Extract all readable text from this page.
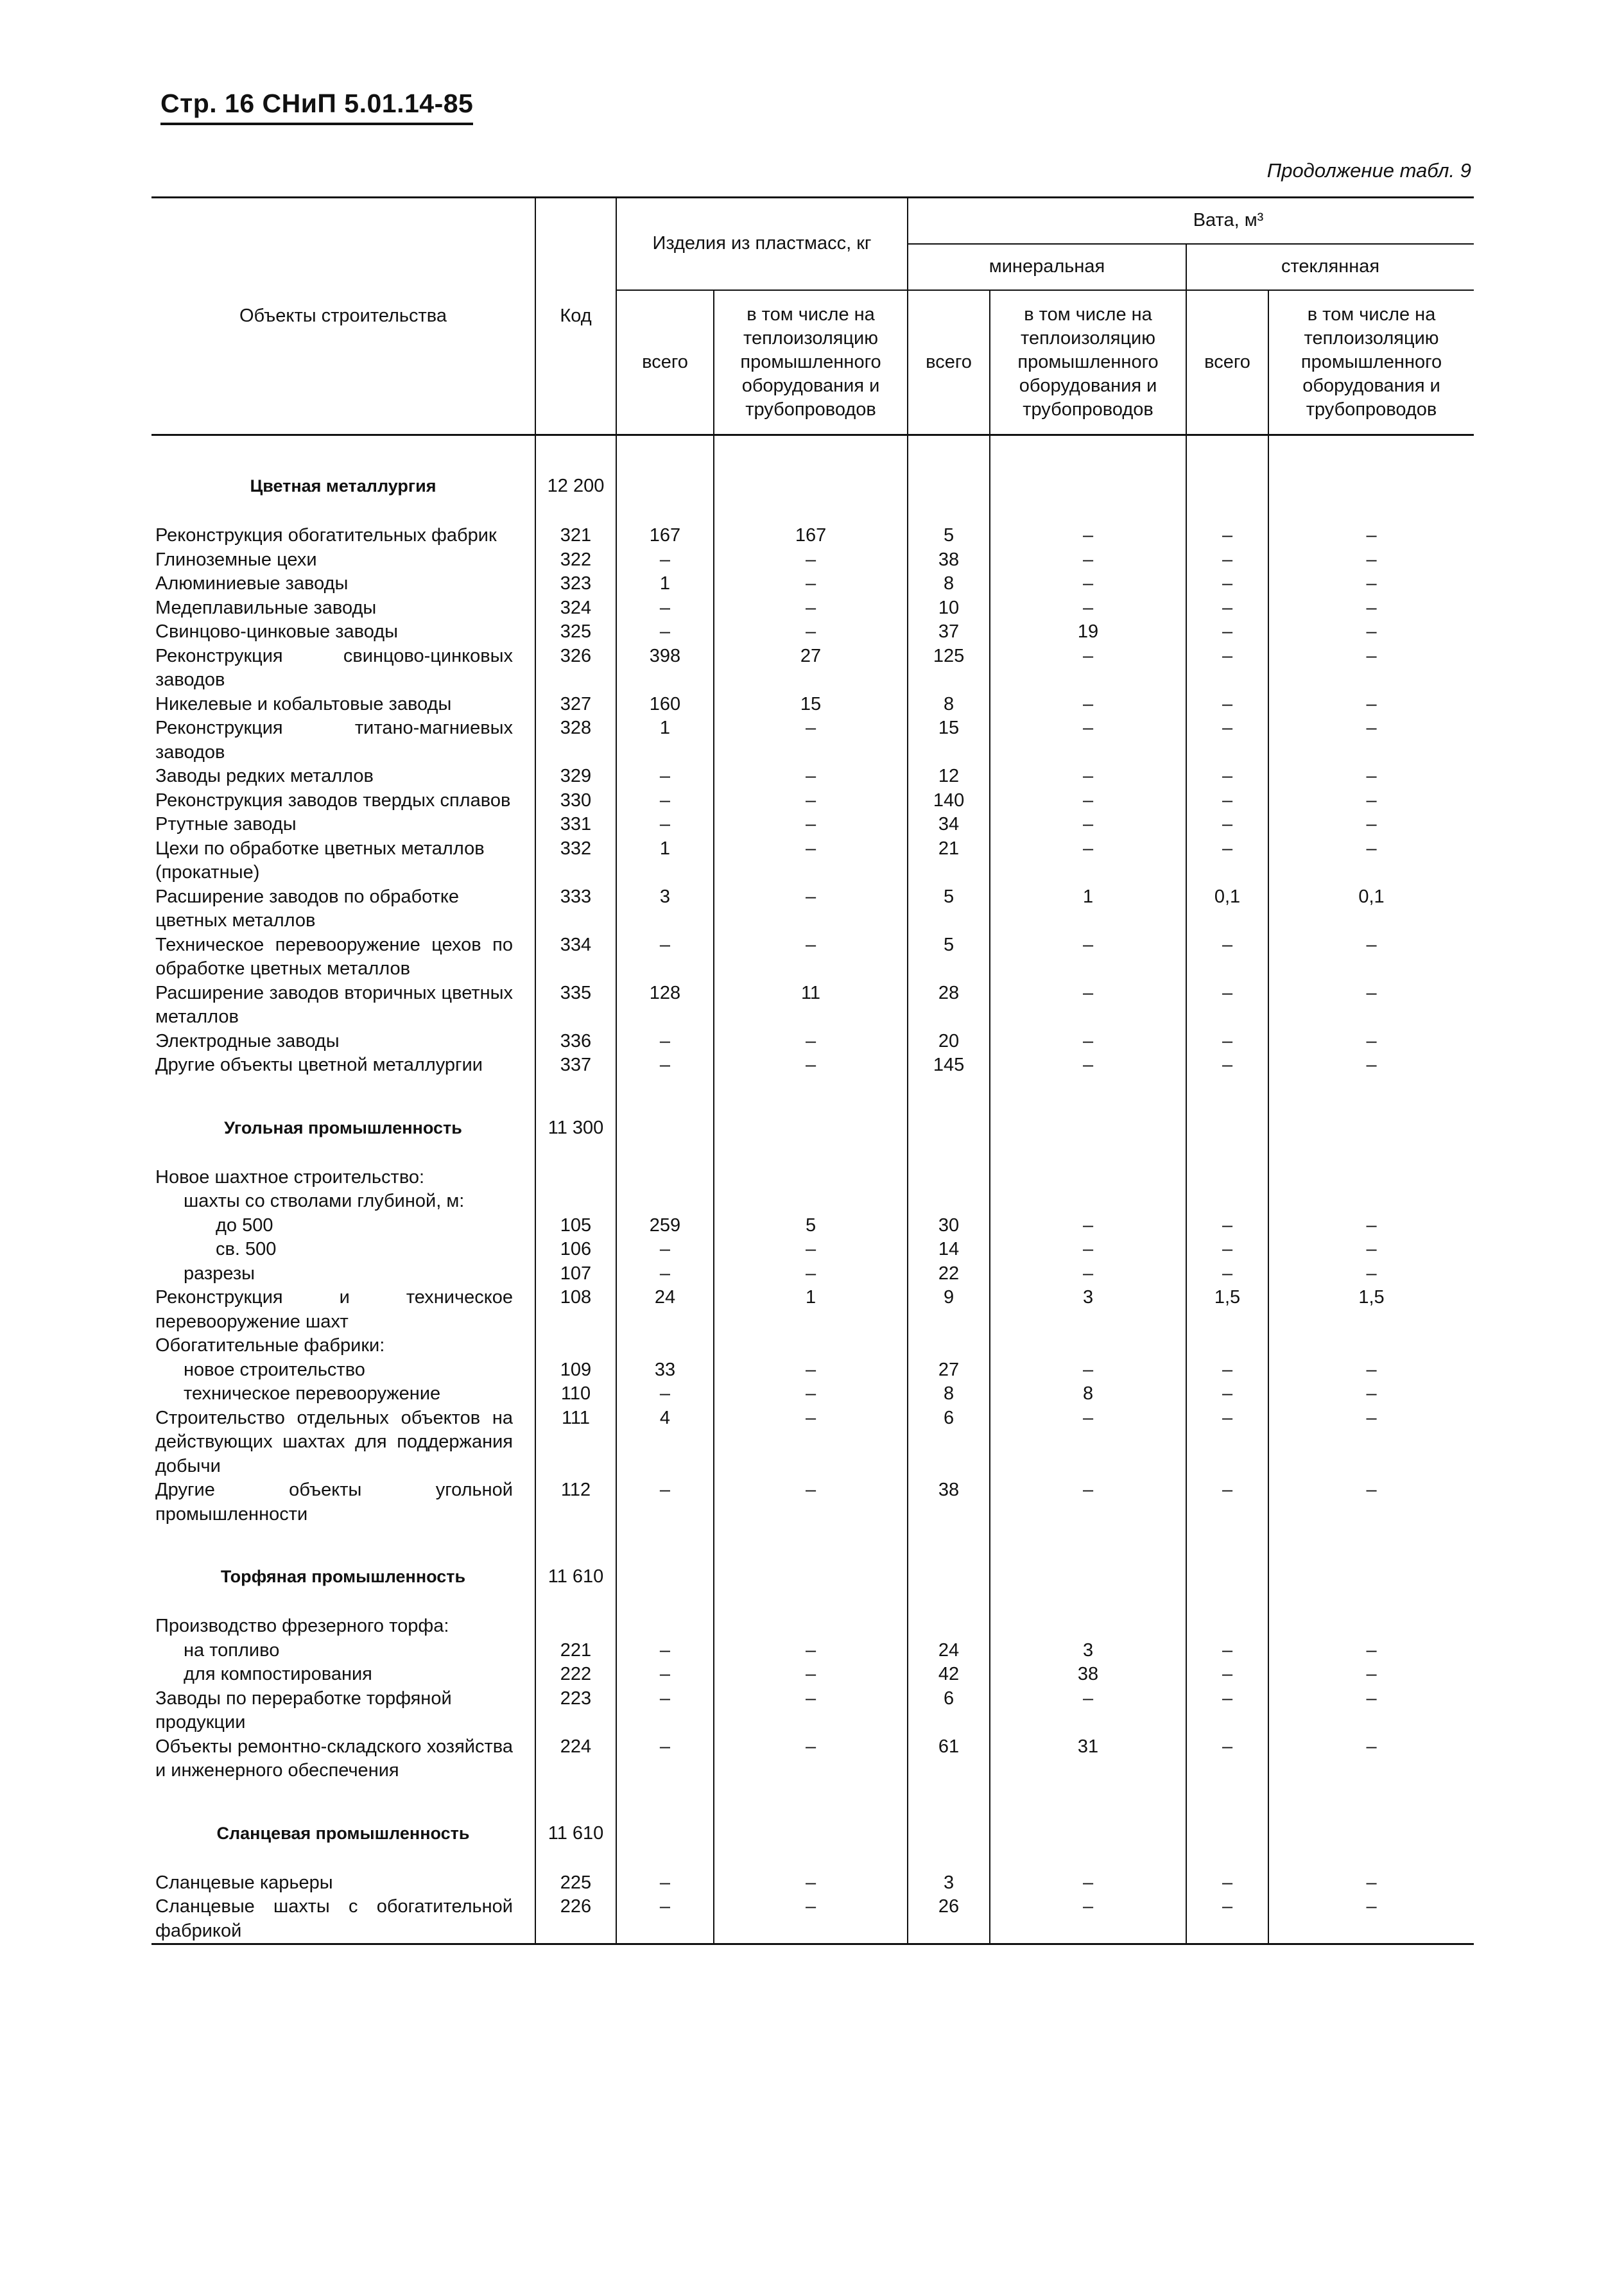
Стр. 16 СНиП 5.01.14-85
Продолжение табл. 9
Объекты строительства	Код	Изделия из пластмасс, кг		Вата, м³			
				минеральная		стеклянная	
		всего	в том числе на теплоизоляцию промышленного оборудования и трубопроводов	всего	в том числе на теплоизоляцию промышленного оборудования и трубопроводов	всего	в том числе на теплоизоляцию промышленного оборудования и трубопроводов
Цветная металлургия	12 200						
Реконструкция обогатительных фабрик	321	167	167	5	–	–	–
Глиноземные цехи	322	–	–	38	–	–	–
Алюминиевые заводы	323	1	–	8	–	–	–
Медеплавильные заводы	324	–	–	10	–	–	–
Свинцово-цинковые заводы	325	–	–	37	19	–	–
Реконструкция свинцово-цинковых заводов	326	398	27	125	–	–	–
Никелевые и кобальтовые заводы	327	160	15	8	–	–	–
Реконструкция титано-магниевых заводов	328	1	–	15	–	–	–
Заводы редких металлов	329	–	–	12	–	–	–
Реконструкция заводов твердых сплавов	330	–	–	140	–	–	–
Ртутные заводы	331	–	–	34	–	–	–
Цехи по обработке цветных металлов (прокатные)	332	1	–	21	–	–	–
Расширение заводов по обработке цветных металлов	333	3	–	5	1	0,1	0,1
Техническое перевооружение цехов по обработке цветных металлов	334	–	–	5	–	–	–
Расширение заводов вторичных цветных металлов	335	128	11	28	–	–	–
Электродные заводы	336	–	–	20	–	–	–
Другие объекты цветной металлургии	337	–	–	145	–	–	–
Угольная промышленность	11 300						
Новое шахтное строительство:							
шахты со стволами глубиной, м:							
до 500	105	259	5	30	–	–	–
св. 500	106	–	–	14	–	–	–
разрезы	107	–	–	22	–	–	–
Реконструкция и техническое перевооружение шахт	108	24	1	9	3	1,5	1,5
Обогатительные фабрики:							
новое строительство	109	33	–	27	–	–	–
техническое перевооружение	110	–	–	8	8	–	–
Строительство отдельных объектов на действующих шахтах для поддержания добычи	111	4	–	6	–	–	–
Другие объекты угольной промышленности	112	–	–	38	–	–	–
Торфяная промышленность	11 610						
Производство фрезерного торфа:							
на топливо	221	–	–	24	3	–	–
для компостирования	222	–	–	42	38	–	–
Заводы по переработке торфяной продукции	223	–	–	6	–	–	–
Объекты ремонтно-складского хозяйства и инженерного обеспечения	224	–	–	61	31	–	–
Сланцевая промышленность	11 610						
Сланцевые карьеры	225	–	–	3	–	–	–
Сланцевые шахты с обогатительной фабрикой	226	–	–	26	–	–	–
